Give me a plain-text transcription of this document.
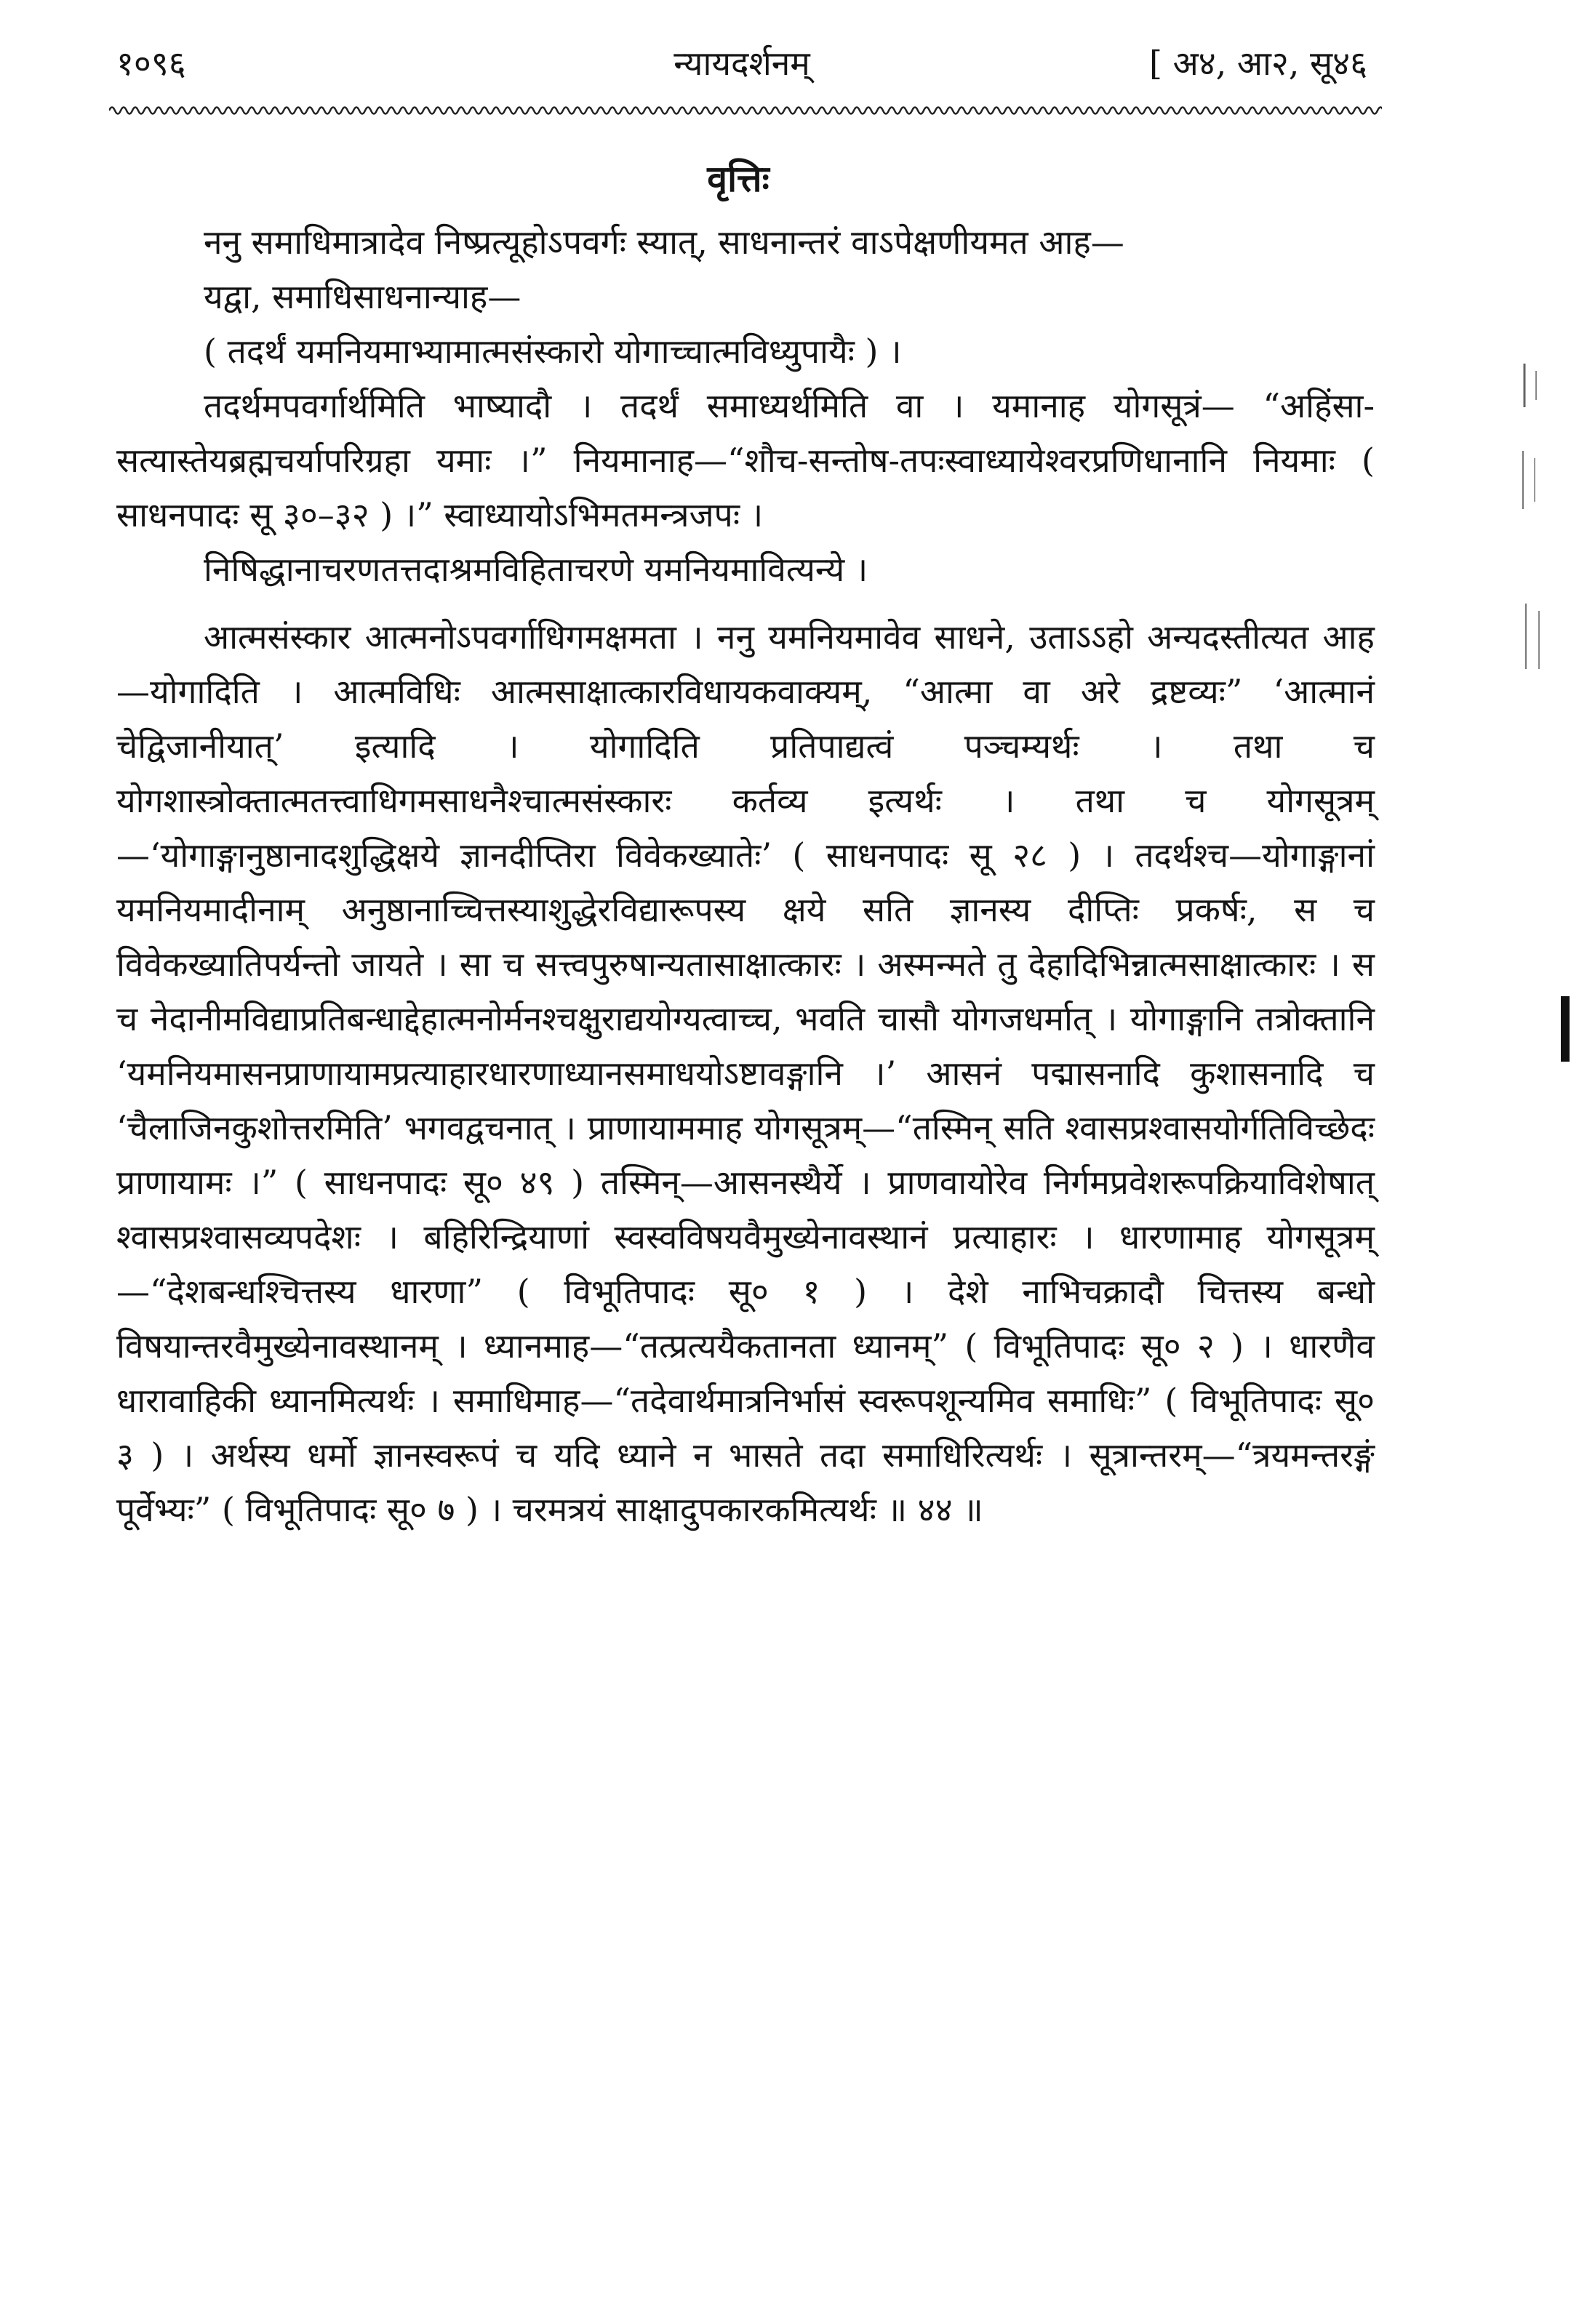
१०९६	न्यायदर्शनम्	[ अ४, आ२, सू४६
वृत्तिः

ननु समाधिमात्रादेव निष्प्रत्यूहोऽपवर्गः स्यात्, साधनान्तरं वाऽपेक्षणीयमत आह—

यद्वा, समाधिसाधनान्याह—

( तदर्थं यमनियमाभ्यामात्मसंस्कारो योगाच्चात्मविध्युपायैः ) ।

तदर्थमपवर्गार्थमिति भाष्यादौ । तदर्थं समाध्यर्थमिति वा । यमानाह योगसूत्रं— “अहिंसा-सत्यास्तेयब्रह्मचर्यापरिग्रहा यमाः ।” नियमानाह—“शौच-सन्तोष-तपःस्वाध्यायेश्वरप्रणिधानानि नियमाः ( साधनपादः सू ३०–३२ ) ।” स्वाध्यायोऽभिमतमन्त्रजपः ।

निषिद्धानाचरणतत्तदाश्रमविहिताचरणे यमनियमावित्यन्ये ।

आत्मसंस्कार आत्मनोऽपवर्गाधिगमक्षमता । ननु यमनियमावेव साधने, उताऽऽहो अन्यदस्तीत्यत आह—योगादिति । आत्मविधिः आत्मसाक्षात्कारविधायकवाक्यम्, “आत्मा वा अरे द्रष्टव्यः” ‘आत्मानं चेद्विजानीयात्’ इत्यादि । योगादिति प्रतिपाद्यत्वं पञ्चम्यर्थः । तथा च योगशास्त्रोक्तात्मतत्त्वाधिगमसाधनैश्चात्मसंस्कारः कर्तव्य इत्यर्थः । तथा च योगसूत्रम्—‘योगाङ्गानुष्ठानादशुद्धिक्षये ज्ञानदीप्तिरा विवेकख्यातेः’ ( साधनपादः सू २८ ) । तदर्थश्च—योगाङ्गानां यमनियमादीनाम् अनुष्ठानाच्चित्तस्याशुद्धेरविद्यारूपस्य क्षये सति ज्ञानस्य दीप्तिः प्रकर्षः, स च विवेकख्यातिपर्यन्तो जायते । सा च सत्त्वपुरुषान्यतासाक्षात्कारः । अस्मन्मते तु देहादिभिन्नात्मसाक्षात्कारः । स च नेदानीमविद्याप्रतिबन्धाद्देहात्मनोर्मनश्चक्षुराद्ययोग्यत्वाच्च, भवति चासौ योगजधर्मात् । योगाङ्गानि तत्रोक्तानि ‘यमनियमासनप्राणायामप्रत्याहारधारणाध्यानसमाधयोऽष्टावङ्गानि ।’ आसनं पद्मासनादि कुशासनादि च ‘चैलाजिनकुशोत्तरमिति’ भगवद्वचनात् । प्राणायाममाह योगसूत्रम्—“तस्मिन् सति श्वासप्रश्वासयोर्गतिविच्छेदः प्राणायामः ।” ( साधनपादः सू० ४९ ) तस्मिन्—आसनस्थैर्ये । प्राणवायोरेव निर्गमप्रवेशरूपक्रियाविशेषात् श्वासप्रश्वासव्यपदेशः । बहिरिन्द्रियाणां स्वस्वविषयवैमुख्येनावस्थानं प्रत्याहारः । धारणामाह योगसूत्रम्—“देशबन्धश्चित्तस्य धारणा” ( विभूतिपादः सू० १ ) । देशे नाभिचक्रादौ चित्तस्य बन्धो विषयान्तरवैमुख्येनावस्थानम् । ध्यानमाह—“तत्प्रत्ययैकतानता ध्यानम्” ( विभूतिपादः सू० २ ) । धारणैव धारावाहिकी ध्यानमित्यर्थः । समाधिमाह—“तदेवार्थमात्रनिर्भासं स्वरूपशून्यमिव समाधिः” ( विभूतिपादः सू० ३ ) । अर्थस्य धर्मो ज्ञानस्वरूपं च यदि ध्याने न भासते तदा समाधिरित्यर्थः । सूत्रान्तरम्—“त्रयमन्तरङ्गं पूर्वेभ्यः” ( विभूतिपादः सू० ७ ) । चरमत्रयं साक्षादुपकारकमित्यर्थः ॥ ४४ ॥
